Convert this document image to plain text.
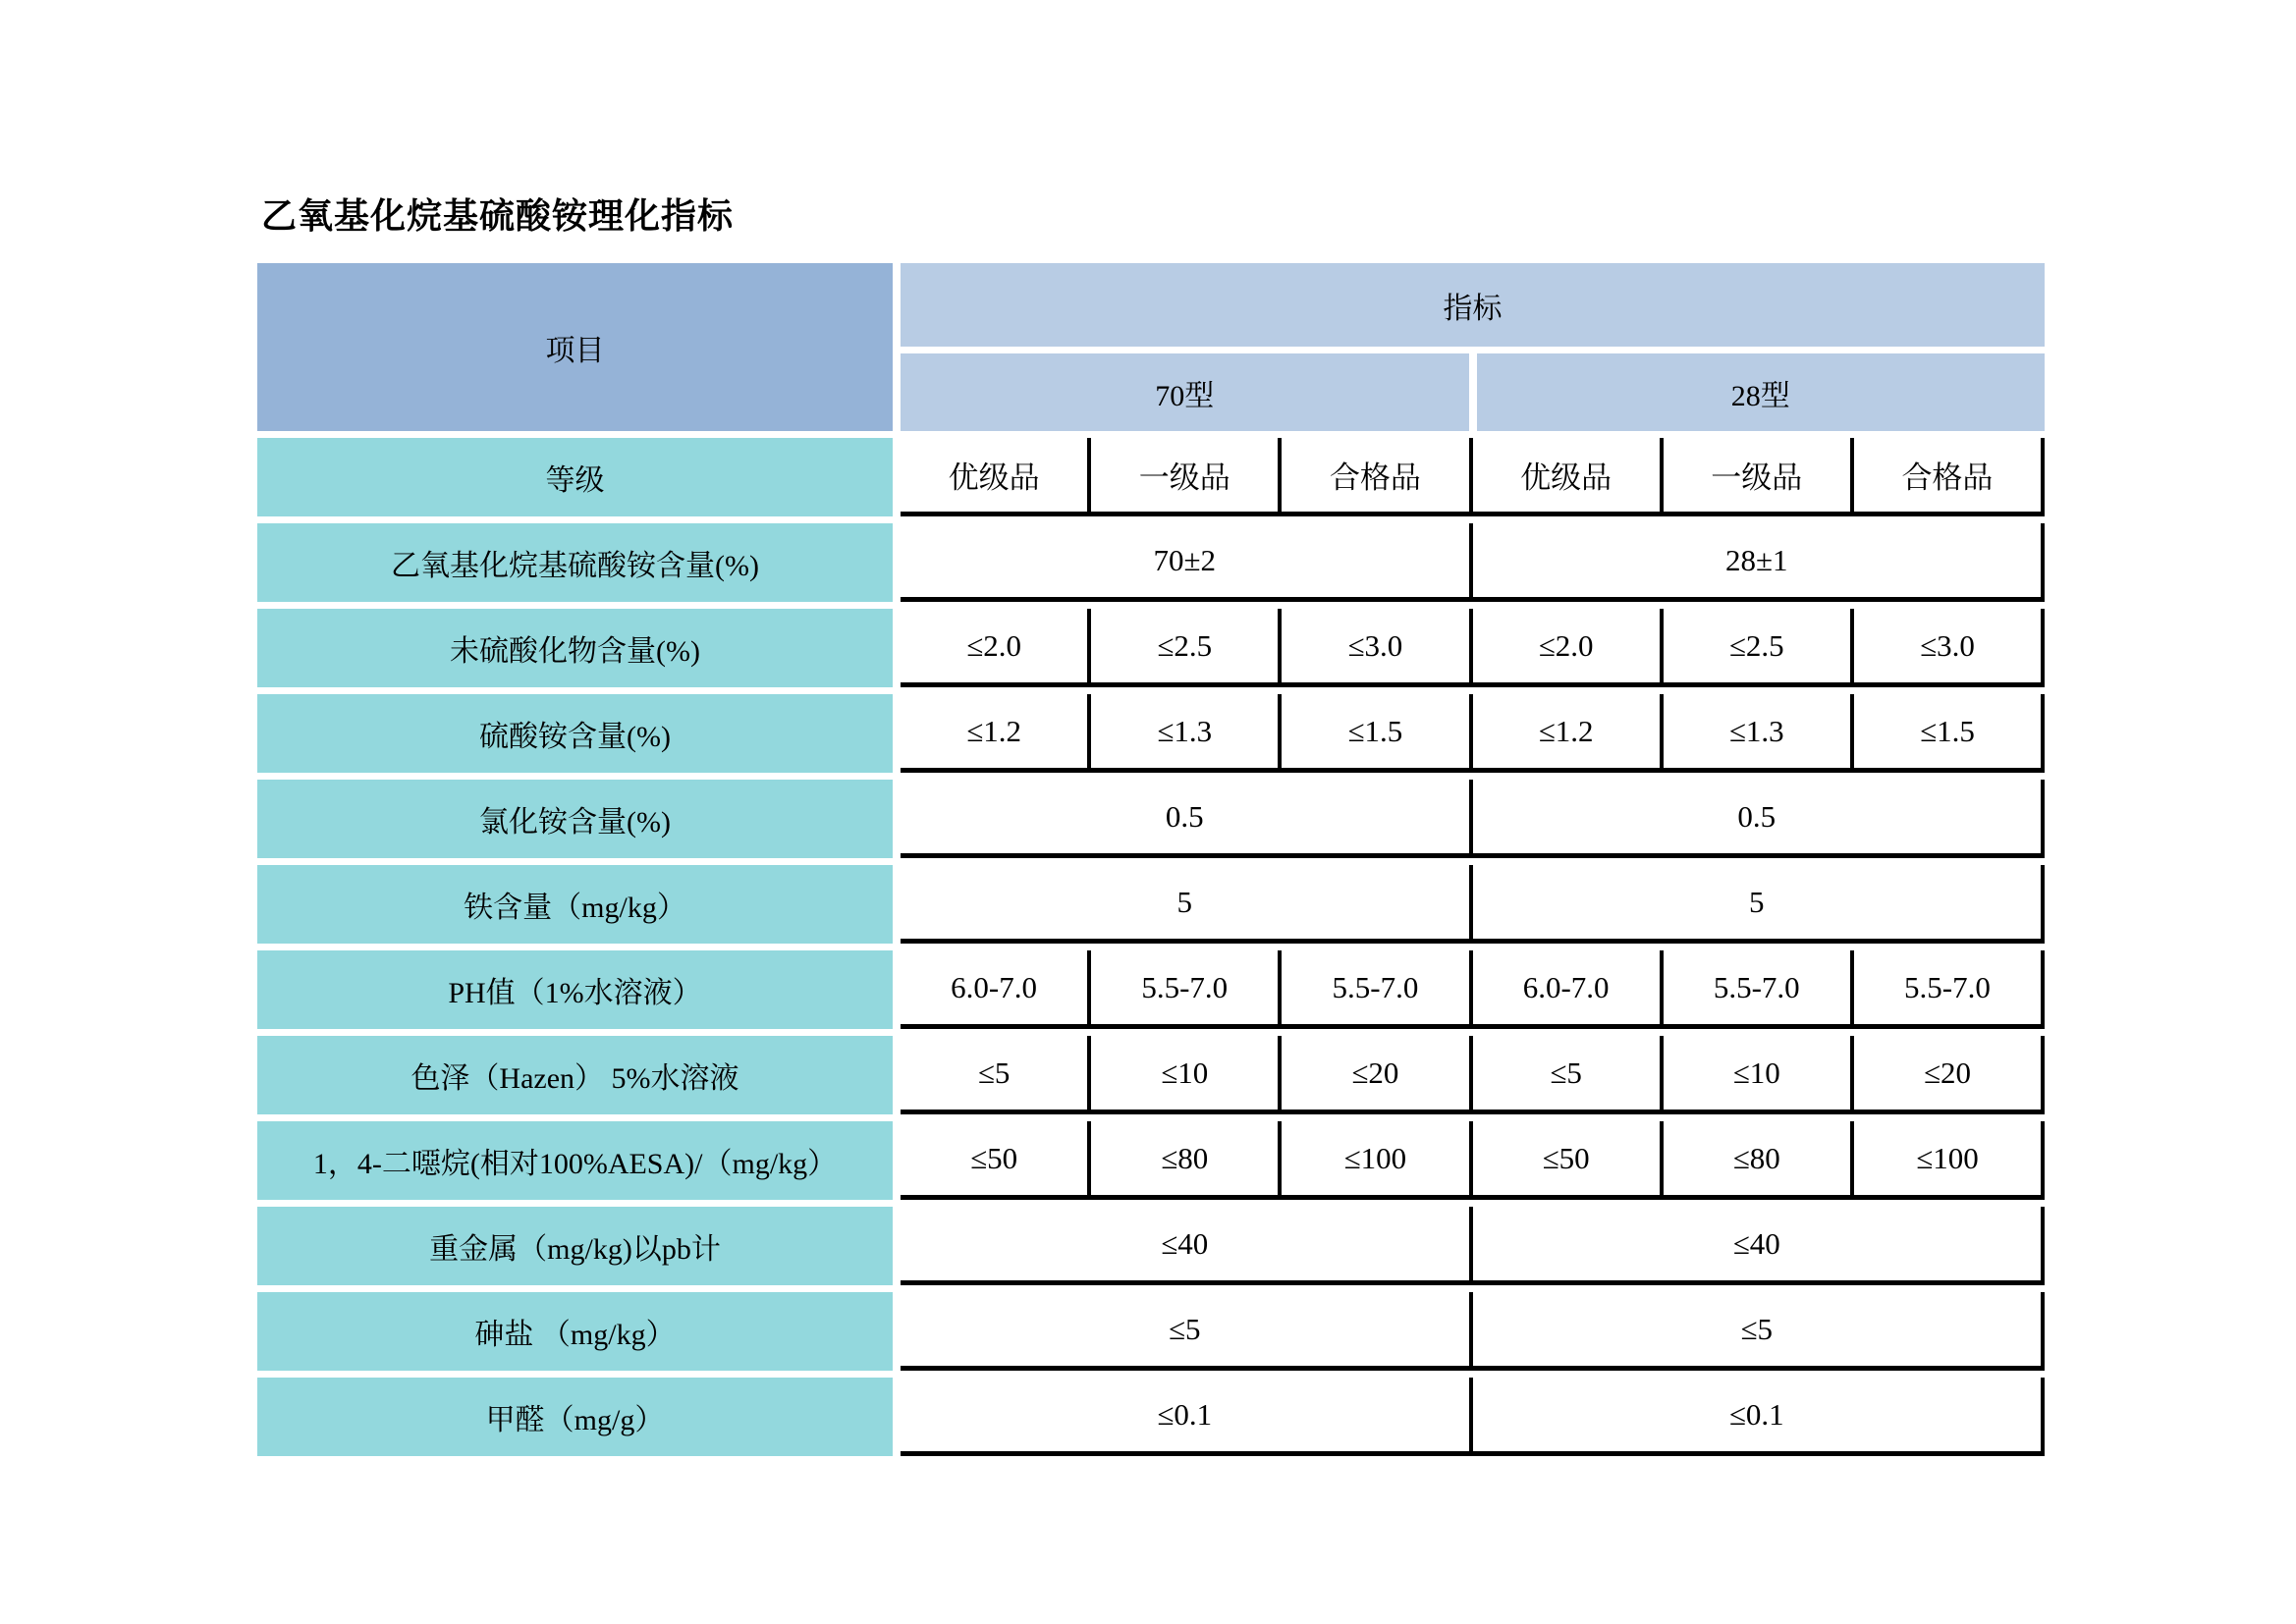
乙氧基化烷基硫酸铵理化指标
项目
指标
70型	28型
等级	优级品	一级品	合格品	优级品	一级品	合格品
乙氧基化烷基硫酸铵含量(%)	70±2	28±1
未硫酸化物含量(%)	≤2.0	≤2.5	≤3.0	≤2.0	≤2.5	≤3.0
硫酸铵含量(%)	≤1.2	≤1.3	≤1.5	≤1.2	≤1.3	≤1.5
氯化铵含量(%)	0.5	0.5
铁含量（mg/kg）	5	5
PH值（1%水溶液）	6.0-7.0	5.5-7.0	5.5-7.0	6.0-7.0	5.5-7.0	5.5-7.0
色泽（Hazen） 5%水溶液	≤5	≤10	≤20	≤5	≤10	≤20
1，4-二噁烷(相对100%AESA)/（mg/kg）	≤50	≤80	≤100	≤50	≤80	≤100
重金属（mg/kg)以pb计	≤40	≤40
砷盐 （mg/kg）	≤5	≤5
甲醛（mg/g）	≤0.1	≤0.1
